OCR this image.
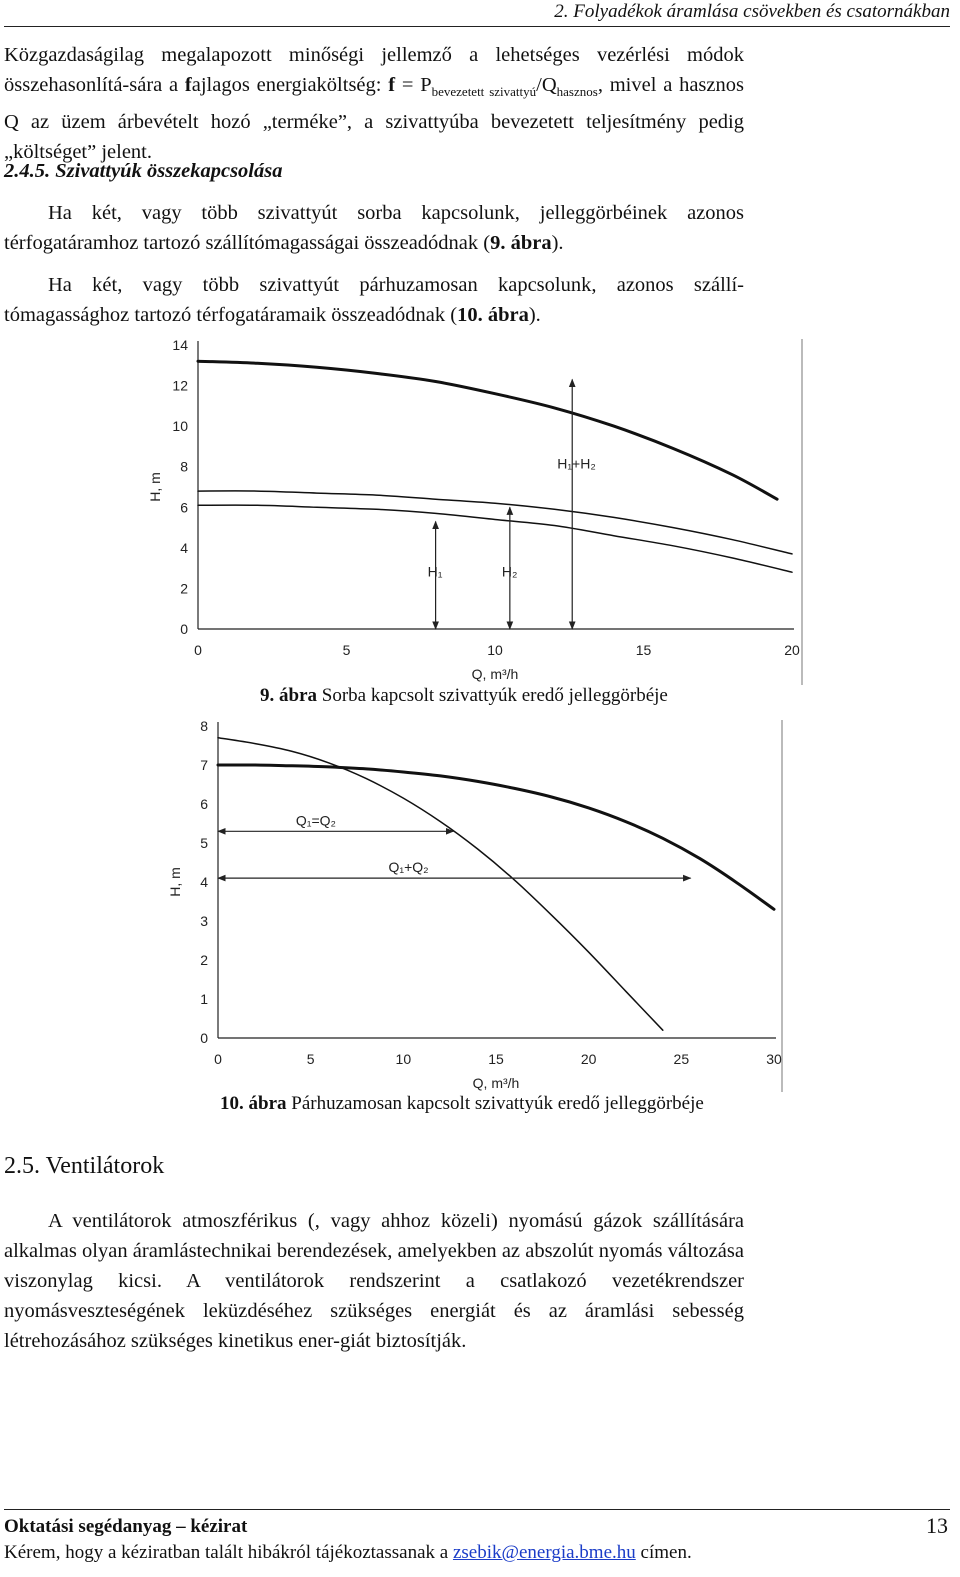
2. Folyadékok áramlása csövekben és csatornákban

Közgazdaságilag megalapozott minőségi jellemző a lehetséges vezérlési módok összehasonlítá-sára a fajlagos energiaköltség: $f = P_{bevezetett szivattyú}/Q_{hasznos}$, mivel a hasznos Q az üzem árbevételt hozó „terméke”, a szivattyúba bevezetett teljesítmény pedig „költséget” jelent.

2.4.5. Szivattyúk összekapcsolása

Ha két, vagy több szivattyút sorba kapcsolunk, jelleggörbéinek azonos térfogatáramhoz tartozó szállítómagasságai összeadódnak (9. ábra).

Ha két, vagy több szivattyút párhuzamosan kapcsolunk, azonos szállí-tómagassághoz tartozó térfogatáramaik összeadódnak (10. ábra).

0
2
4
6
8
10
12
14
0	5	10	15	20
Q, m³/h
H, m
H₁	H₂
H₁+H₂
9. ábra Sorba kapcsolt szivattyúk eredő jelleggörbéje
0
1
2
3
4
5
6
7
8
0	5	10	15	20	25	30
Q, m³/h
H, m
Q₁=Q₂
Q₁+Q₂
10. ábra Párhuzamosan kapcsolt szivattyúk eredő jelleggörbéje
2.5. Ventilátorok

A ventilátorok atmoszférikus (, vagy ahhoz közeli) nyomású gázok szállítására alkalmas olyan áramlástechnikai berendezések, amelyekben az abszolút nyomás változása viszonylag kicsi. A ventilátorok rendszerint a csatlakozó vezetékrendszer nyomásveszteségének leküzdéséhez szükséges energiát és az áramlási sebesség létrehozásához szükséges kinetikus ener-giát biztosítják.

Oktatási segédanyag – kézirat	13
Kérem, hogy a kéziratban talált hibákról tájékoztassanak a zsebik@energia.bme.hu címen.
